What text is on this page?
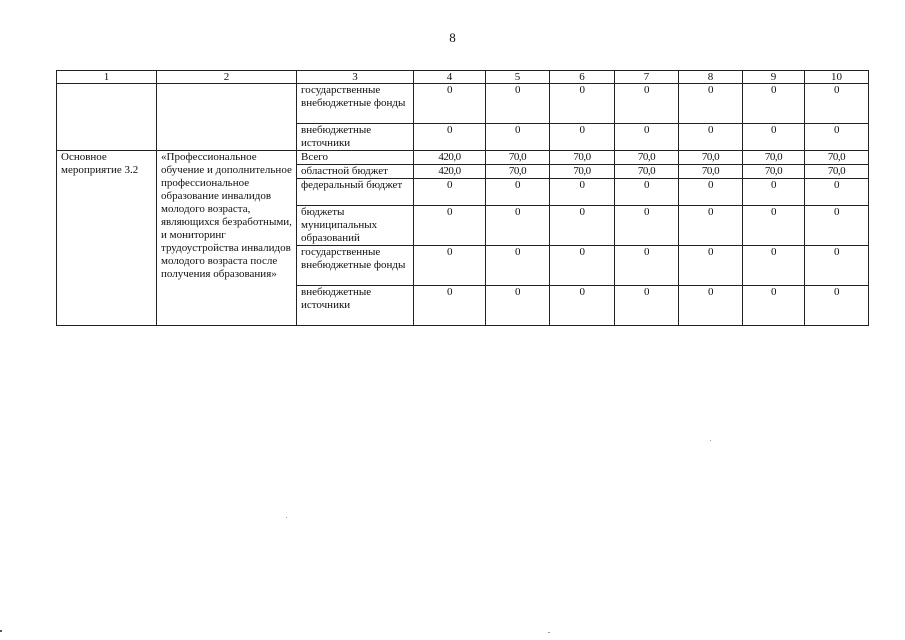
8
1	2	3	4	5	6	7	8	9	10
		государственные внебюджетные фонды	0	0	0	0	0	0	0
		внебюджетные источники	0	0	0	0	0	0	0
Основное мероприятие 3.2	«Профессиональное обучение и дополнительное профессиональное образование инвалидов молодого возраста, являющихся безработными, и мониторинг трудоустройства инвалидов молодого возраста после получения образования»	Всего	420,0	70,0	70,0	70,0	70,0	70,0	70,0
		областной бюджет	420,0	70,0	70,0	70,0	70,0	70,0	70,0
		федеральный бюджет	0	0	0	0	0	0	0
		бюджеты муниципальных образований	0	0	0	0	0	0	0
		государственные внебюджетные фонды	0	0	0	0	0	0	0
		внебюджетные источники	0	0	0	0	0	0	0
